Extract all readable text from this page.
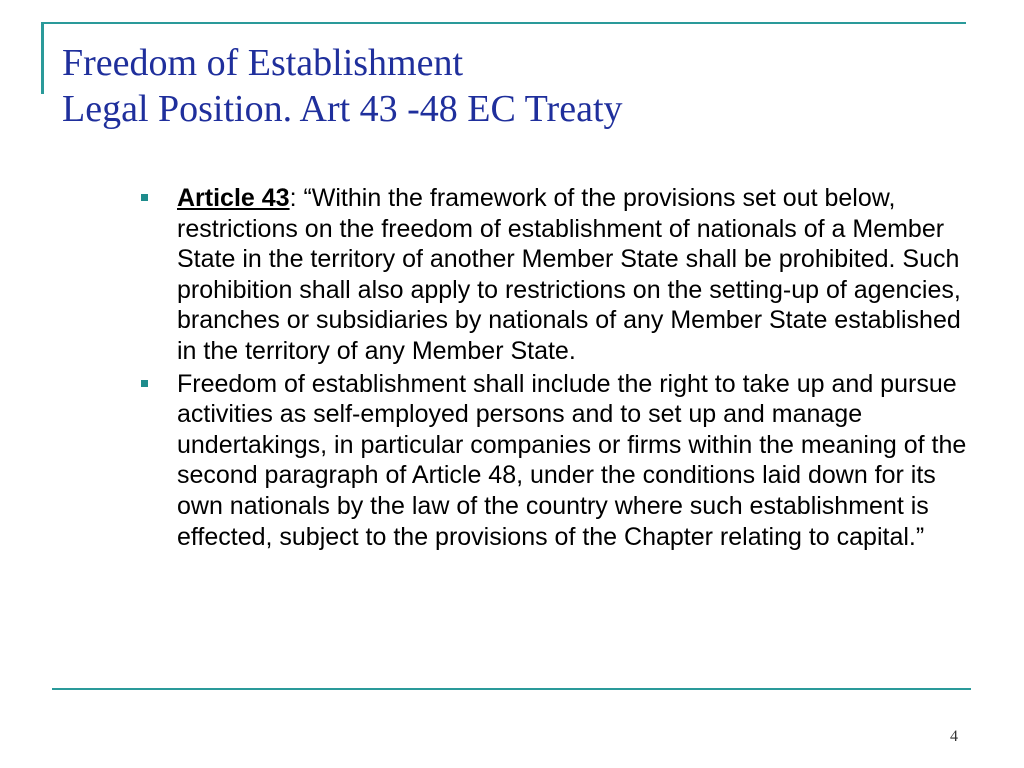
Freedom of Establishment
Legal Position. Art 43 -48 EC Treaty
Article 43: “Within the framework of the provisions set out below, restrictions on the freedom of establishment of nationals of a Member State in the territory of another Member State shall be prohibited. Such prohibition shall also apply to restrictions on the setting-up of agencies, branches or subsidiaries by nationals of any Member State established in the territory of any Member State.
Freedom of establishment shall include the right to take up and pursue activities as self-employed persons and to set up and manage undertakings, in particular companies or firms within the meaning of the second paragraph of Article 48, under the conditions laid down for its own nationals by the law of the country where such establishment is effected, subject to the provisions of the Chapter relating to capital.”
4
